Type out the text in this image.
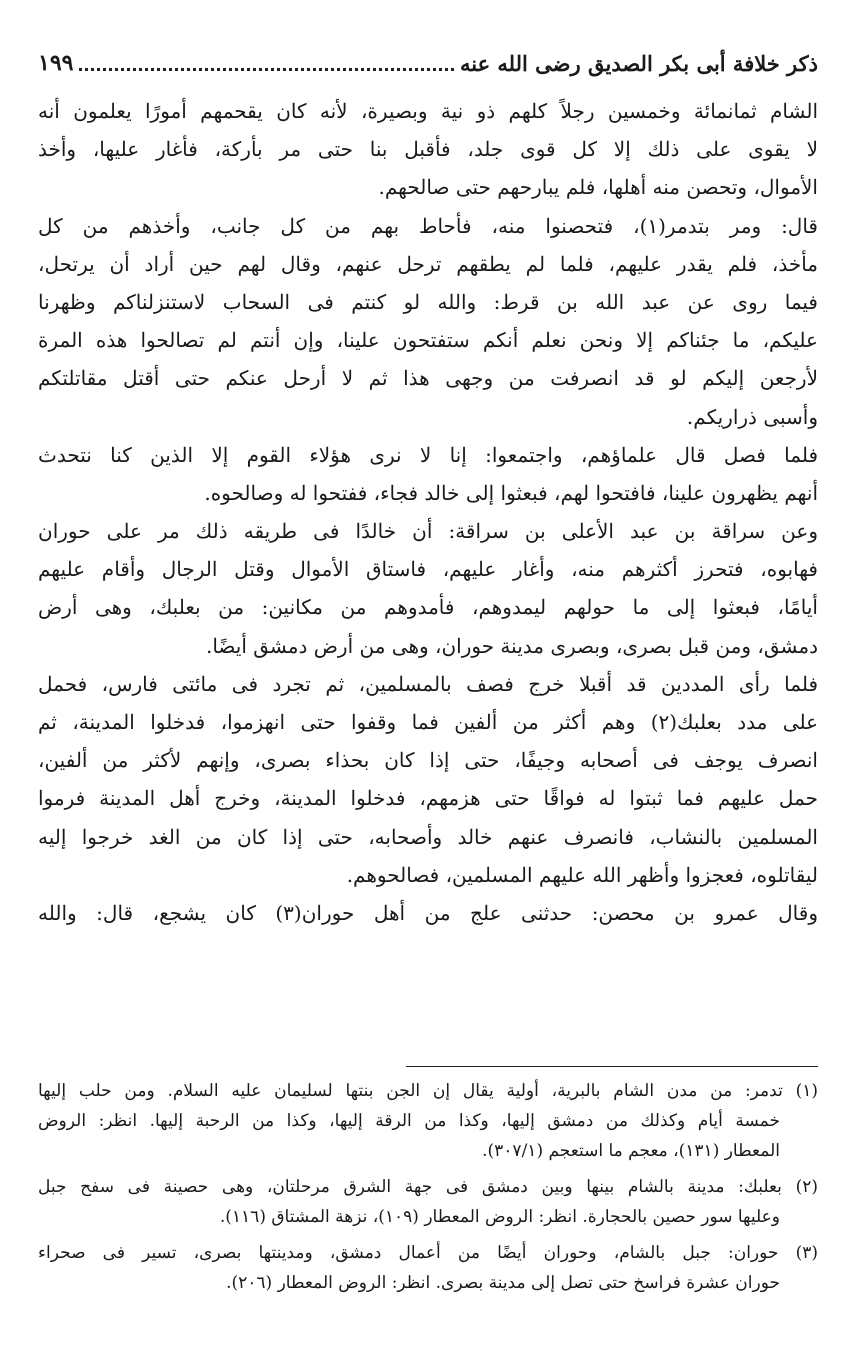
ذكر خلافة أبى بكر الصديق رضى الله عنه
١٩٩
الشام ثمانمائة وخمسين رجلاً كلهم ذو نية وبصيرة، لأنه كان يقحمهم أمورًا يعلمون أنه
لا يقوى على ذلك إلا كل قوى جلد، فأقبل بنا حتى مر بأركة، فأغار عليها، وأخذ
الأموال، وتحصن منه أهلها، فلم يبارحهم حتى صالحهم.
قال: ومر بتدمر(١)، فتحصنوا منه، فأحاط بهم من كل جانب، وأخذهم من كل
مأخذ، فلم يقدر عليهم، فلما لم يطقهم ترحل عنهم، وقال لهم حين أراد أن يرتحل،
فيما روى عن عبد الله بن قرط: والله لو كنتم فى السحاب لاستنزلناكم وظهرنا
عليكم، ما جئناكم إلا ونحن نعلم أنكم ستفتحون علينا، وإن أنتم لم تصالحوا هذه المرة
لأرجعن إليكم لو قد انصرفت من وجهى هذا ثم لا أرحل عنكم حتى أقتل مقاتلتكم
وأسبى ذراريكم.
فلما فصل قال علماؤهم، واجتمعوا: إنا لا نرى هؤلاء القوم إلا الذين كنا نتحدث
أنهم يظهرون علينا، فافتحوا لهم، فبعثوا إلى خالد فجاء، ففتحوا له وصالحوه.
وعن سراقة بن عبد الأعلى بن سراقة: أن خالدًا فى طريقه ذلك مر على حوران
فهابوه، فتحرز أكثرهم منه، وأغار عليهم، فاستاق الأموال وقتل الرجال وأقام عليهم
أيامًا، فبعثوا إلى ما حولهم ليمدوهم، فأمدوهم من مكانين: من بعلبك، وهى أرض
دمشق، ومن قبل بصرى، وبصرى مدينة حوران، وهى من أرض دمشق أيضًا.
فلما رأى المددين قد أقبلا خرج فصف بالمسلمين، ثم تجرد فى مائتى فارس، فحمل
على مدد بعلبك(٢) وهم أكثر من ألفين فما وقفوا حتى انهزموا، فدخلوا المدينة، ثم
انصرف يوجف فى أصحابه وجيفًا، حتى إذا كان بحذاء بصرى، وإنهم لأكثر من ألفين،
حمل عليهم فما ثبتوا له فواقًا حتى هزمهم، فدخلوا المدينة، وخرج أهل المدينة فرموا
المسلمين بالنشاب، فانصرف عنهم خالد وأصحابه، حتى إذا كان من الغد خرجوا إليه
ليقاتلوه، فعجزوا وأظهر الله عليهم المسلمين، فصالحوهم.
وقال عمرو بن محصن: حدثنى علج من أهل حوران(٣) كان يشجع، قال: والله
(١) تدمر: من مدن الشام بالبرية، أولية يقال إن الجن بنتها لسليمان عليه السلام. ومن حلب إليها
خمسة أيام وكذلك من دمشق إليها، وكذا من الرقة إليها، وكذا من الرحبة إليها. انظر: الروض
المعطار (١٣١)، معجم ما استعجم (٣٠٧/١).
(٢) بعلبك: مدينة بالشام بينها وبين دمشق فى جهة الشرق مرحلتان، وهى حصينة فى سفح جبل
وعليها سور حصين بالحجارة. انظر: الروض المعطار (١٠٩)، نزهة المشتاق (١١٦).
(٣) حوران: جبل بالشام، وحوران أيضًا من أعمال دمشق، ومدينتها بصرى، تسير فى صحراء
حوران عشرة فراسخ حتى تصل إلى مدينة بصرى. انظر: الروض المعطار (٢٠٦).
